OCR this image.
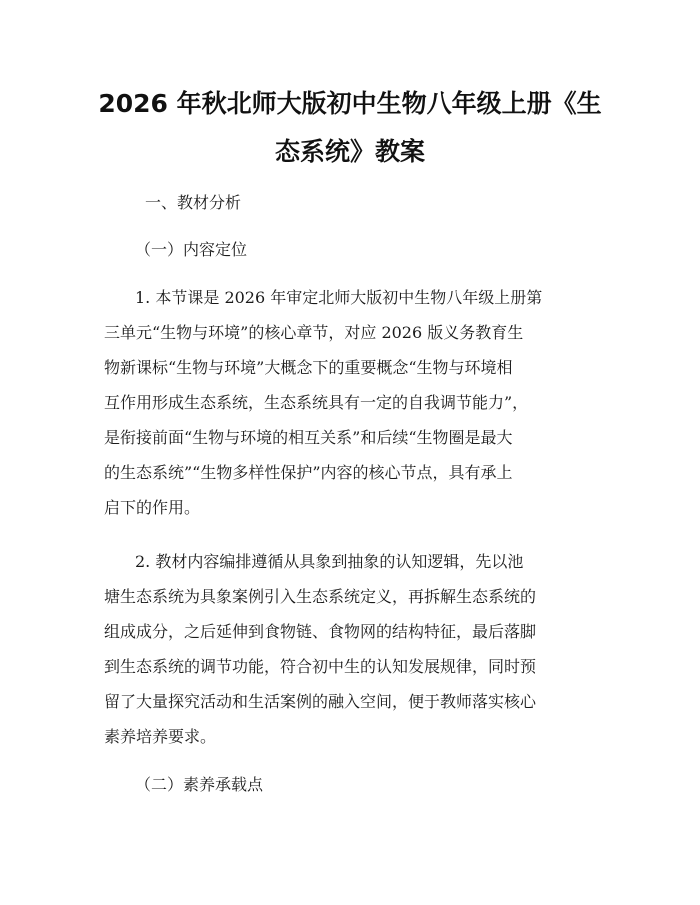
2026 年秋北师大版初中生物八年级上册《生
态系统》教案

一、教材分析

（一）内容定位

1. 本节课是 2026 年审定北师大版初中生物八年级上册第
三单元“生物与环境”的核心章节，对应 2026 版义务教育生
物新课标“生物与环境”大概念下的重要概念“生物与环境相
互作用形成生态系统，生态系统具有一定的自我调节能力”，
是衔接前面“生物与环境的相互关系”和后续“生物圈是最大
的生态系统”“生物多样性保护”内容的核心节点，具有承上
启下的作用。
2. 教材内容编排遵循从具象到抽象的认知逻辑，先以池
塘生态系统为具象案例引入生态系统定义，再拆解生态系统的
组成成分，之后延伸到食物链、食物网的结构特征，最后落脚
到生态系统的调节功能，符合初中生的认知发展规律，同时预
留了大量探究活动和生活案例的融入空间，便于教师落实核心
素养培养要求。

（二）素养承载点
